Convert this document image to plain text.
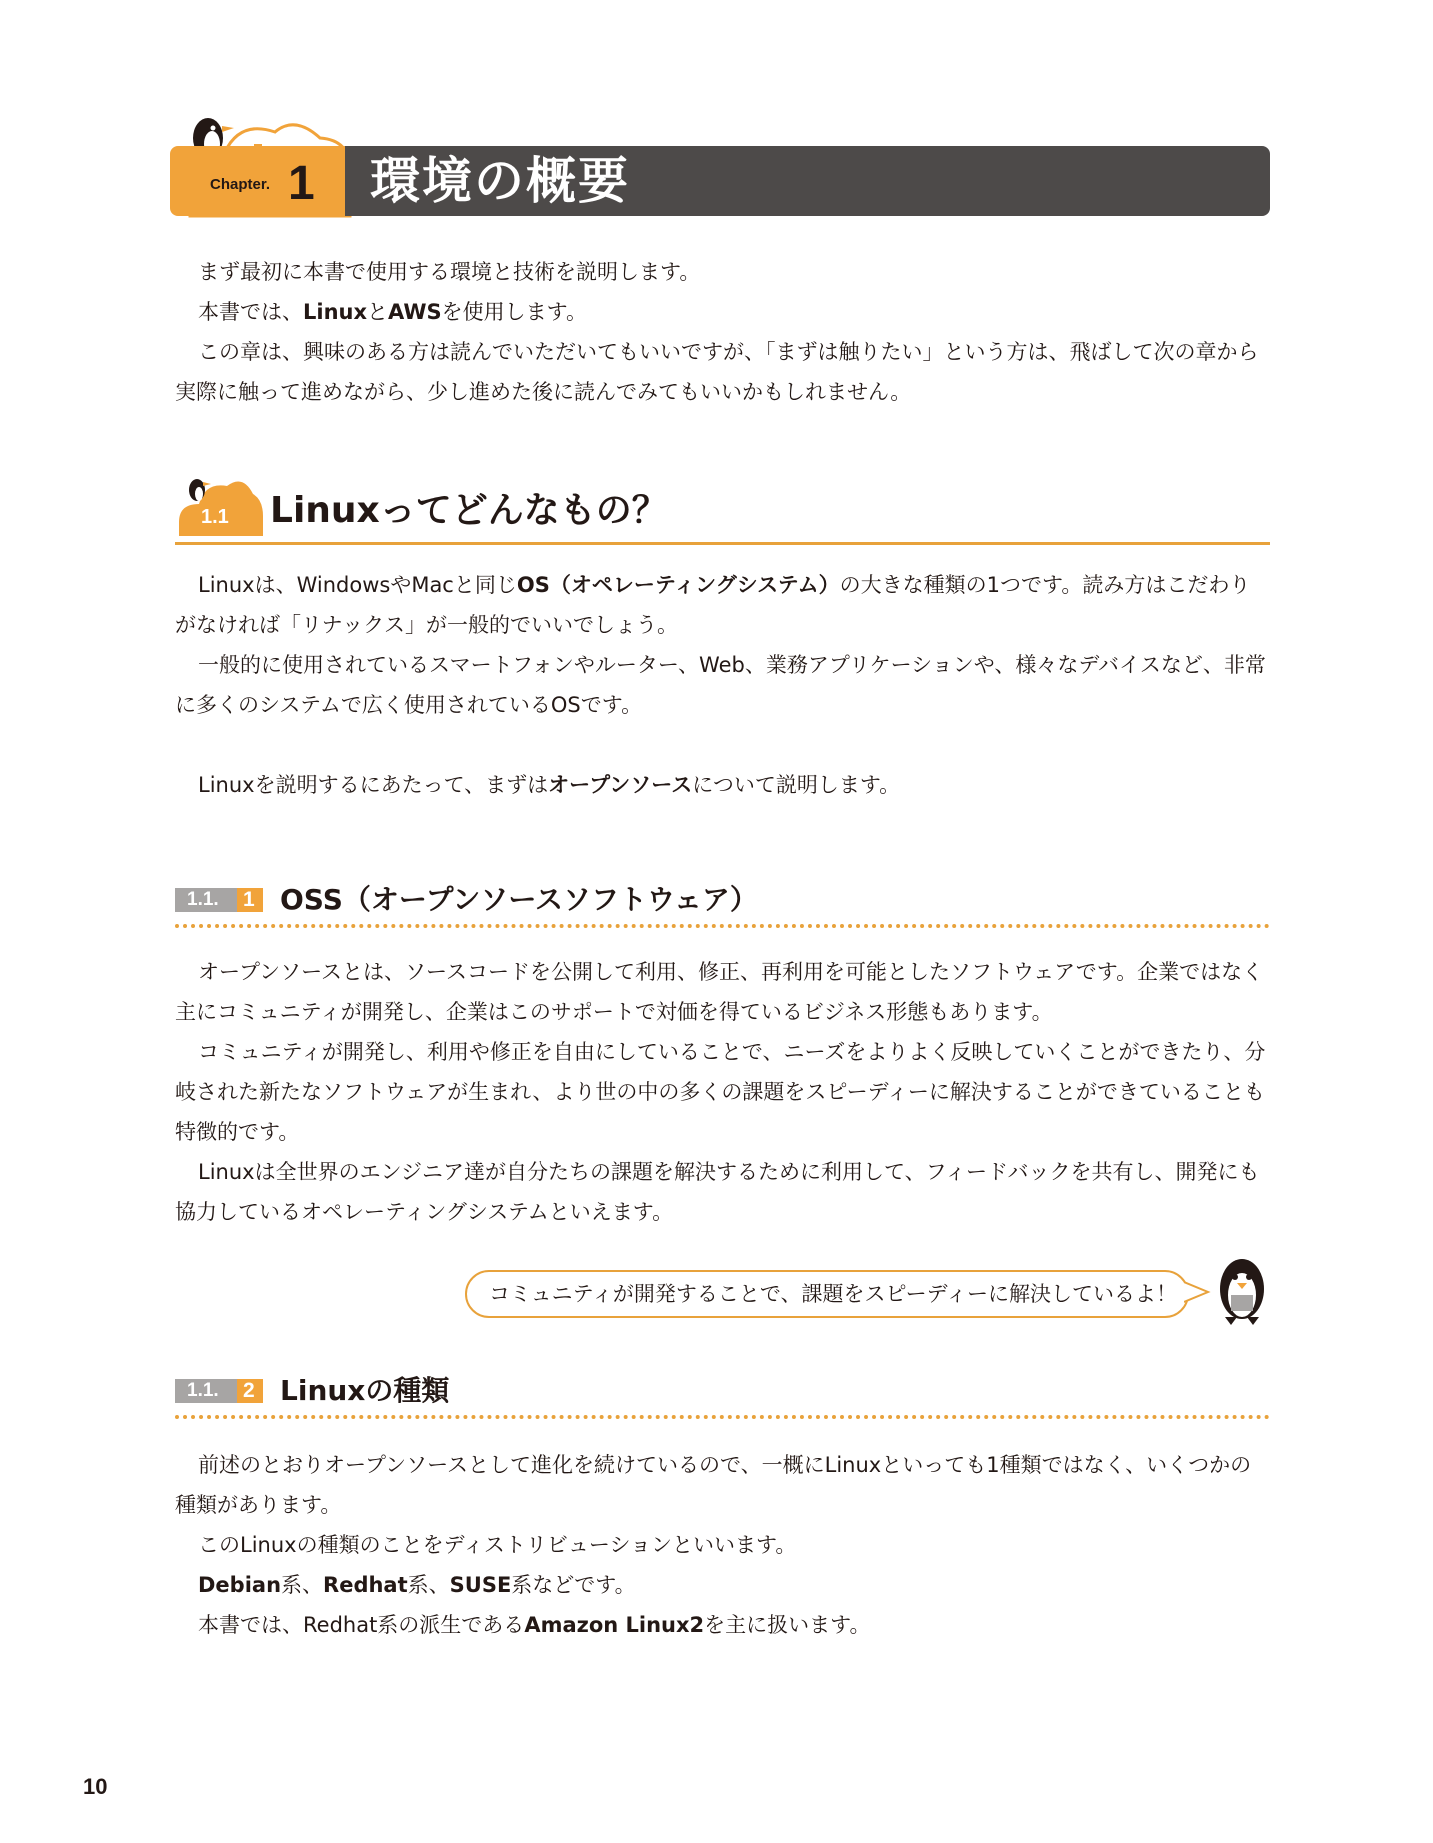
Chapter. 1 環境の概要

まず最初に本書で使用する環境と技術を説明します。

本書では、LinuxとAWSを使用します。

この章は、興味のある方は読んでいただいてもいいですが、「まずは触りたい」という方は、飛ばして次の章から実際に触って進めながら、少し進めた後に読んでみてもいいかもしれません。

1.1 Linuxってどんなもの？

Linuxは、WindowsやMacと同じOS（オペレーティングシステム）の大きな種類の1つです。読み方はこだわりがなければ「リナックス」が一般的でいいでしょう。

一般的に使用されているスマートフォンやルーター、Web、業務アプリケーションや、様々なデバイスなど、非常に多くのシステムで広く使用されているOSです。

Linuxを説明するにあたって、まずはオープンソースについて説明します。

1.1. 1 OSS（オープンソースソフトウェア）

オープンソースとは、ソースコードを公開して利用、修正、再利用を可能としたソフトウェアです。企業ではなく主にコミュニティが開発し、企業はこのサポートで対価を得ているビジネス形態もあります。

コミュニティが開発し、利用や修正を自由にしていることで、ニーズをよりよく反映していくことができたり、分岐された新たなソフトウェアが生まれ、より世の中の多くの課題をスピーディーに解決することができていることも特徴的です。

Linuxは全世界のエンジニア達が自分たちの課題を解決するために利用して、フィードバックを共有し、開発にも協力しているオペレーティングシステムといえます。

コミュニティが開発することで、課題をスピーディーに解決しているよ！
1.1. 2 Linuxの種類

前述のとおりオープンソースとして進化を続けているので、一概にLinuxといっても1種類ではなく、いくつかの種類があります。

このLinuxの種類のことをディストリビューションといいます。

Debian系、Redhat系、SUSE系などです。

本書では、Redhat系の派生であるAmazon Linux2を主に扱います。

10
